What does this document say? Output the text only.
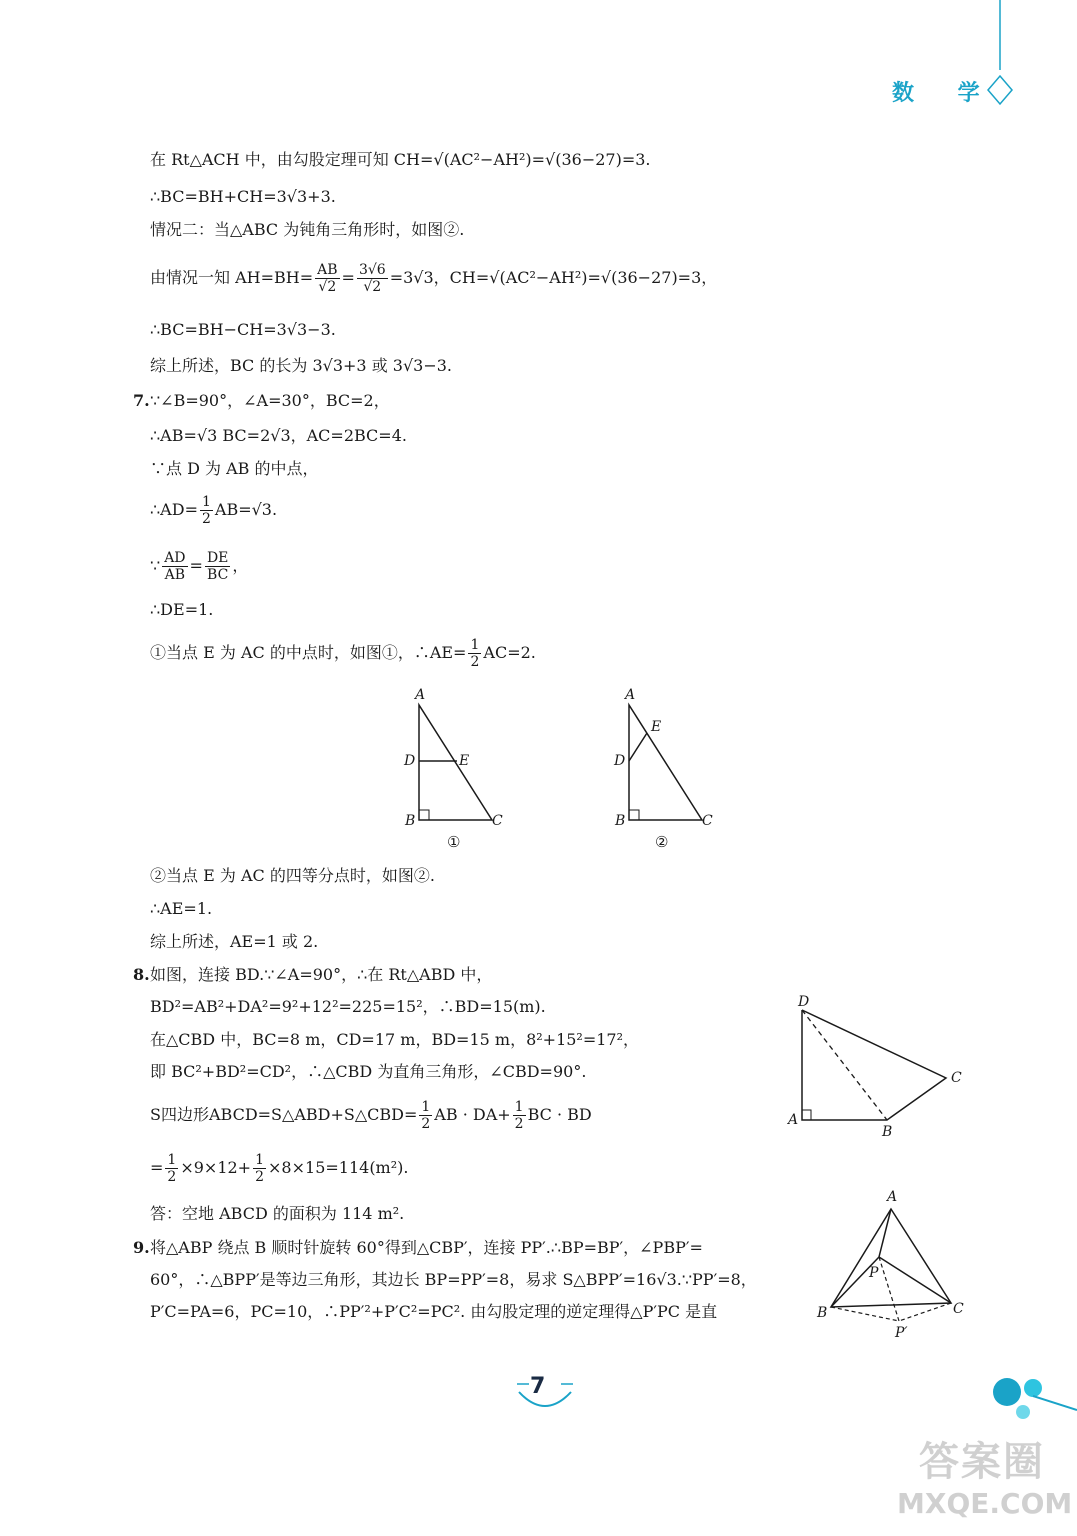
数 学
在 Rt△ACH 中，由勾股定理可知 CH=√(AC²−AH²)=√(36−27)=3.
∴BC=BH+CH=3√3+3.
情况二：当△ABC 为钝角三角形时，如图②.
由情况一知 $AH=BH= \frac{AB}{√2} = \frac{3√6}{√2} =3√3$，CH=√(AC²−AH²)=√(36−27)=3，
∴BC=BH−CH=3√3−3.
综上所述，BC 的长为 3√3+3 或 3√3−3.
7. ∵∠B=90°，∠A=30°，BC=2，
∴AB=√3 BC=2√3，AC=2BC=4.
∵点 D 为 AB 的中点，
∴AD= $\frac{1}{2} AB=√3$.
∵ $\frac{AD}{AB} = \frac{DE}{BC}$ ，
∴DE=1.
①当点 E 为 AC 的中点时，如图①，∴AE= $\frac{1}{2} AC=2$.
A
D	E
B	C
①
A
E
D
B	C
②
②当点 E 为 AC 的四等分点时，如图②.
∴AE=1.
综上所述，AE=1 或 2.
8. 如图，连接 BD.∵∠A=90°，∴在 Rt△ABD 中，
BD²=AB²+DA²=9²+12²=225=15²，∴BD=15(m).
在△CBD 中，BC=8 m，CD=17 m，BD=15 m，8²+15²=17²，
即 BC²+BD²=CD²，∴△CBD 为直角三角形，∠CBD=90°.
S四边形ABCD=S△ABD+S△CBD= $\frac{1}{2}$ AB · $DA+ \frac{1}{2}$ BC · BD
= $\frac{1}{2} \times 9\times 12+ \frac{1}{2} \times 8\times 15=114(m^2)$.
答：空地 ABCD 的面积为 114 m².
D
A
B
C
9. 将△ABP 绕点 B 顺时针旋转 60°得到△CBP′，连接 PP′.∴BP=BP′，∠PBP′=
60°，∴△BPP′是等边三角形，其边长 BP=PP′=8，易求 S△BPP′=16√3.∵PP′=8，
P′C=PA=6，PC=10，∴PP′²+P′C²=PC². 由勾股定理的逆定理得△P′PC 是直
A
P
B	C
P′
7
答案圈
MXQE.COM
